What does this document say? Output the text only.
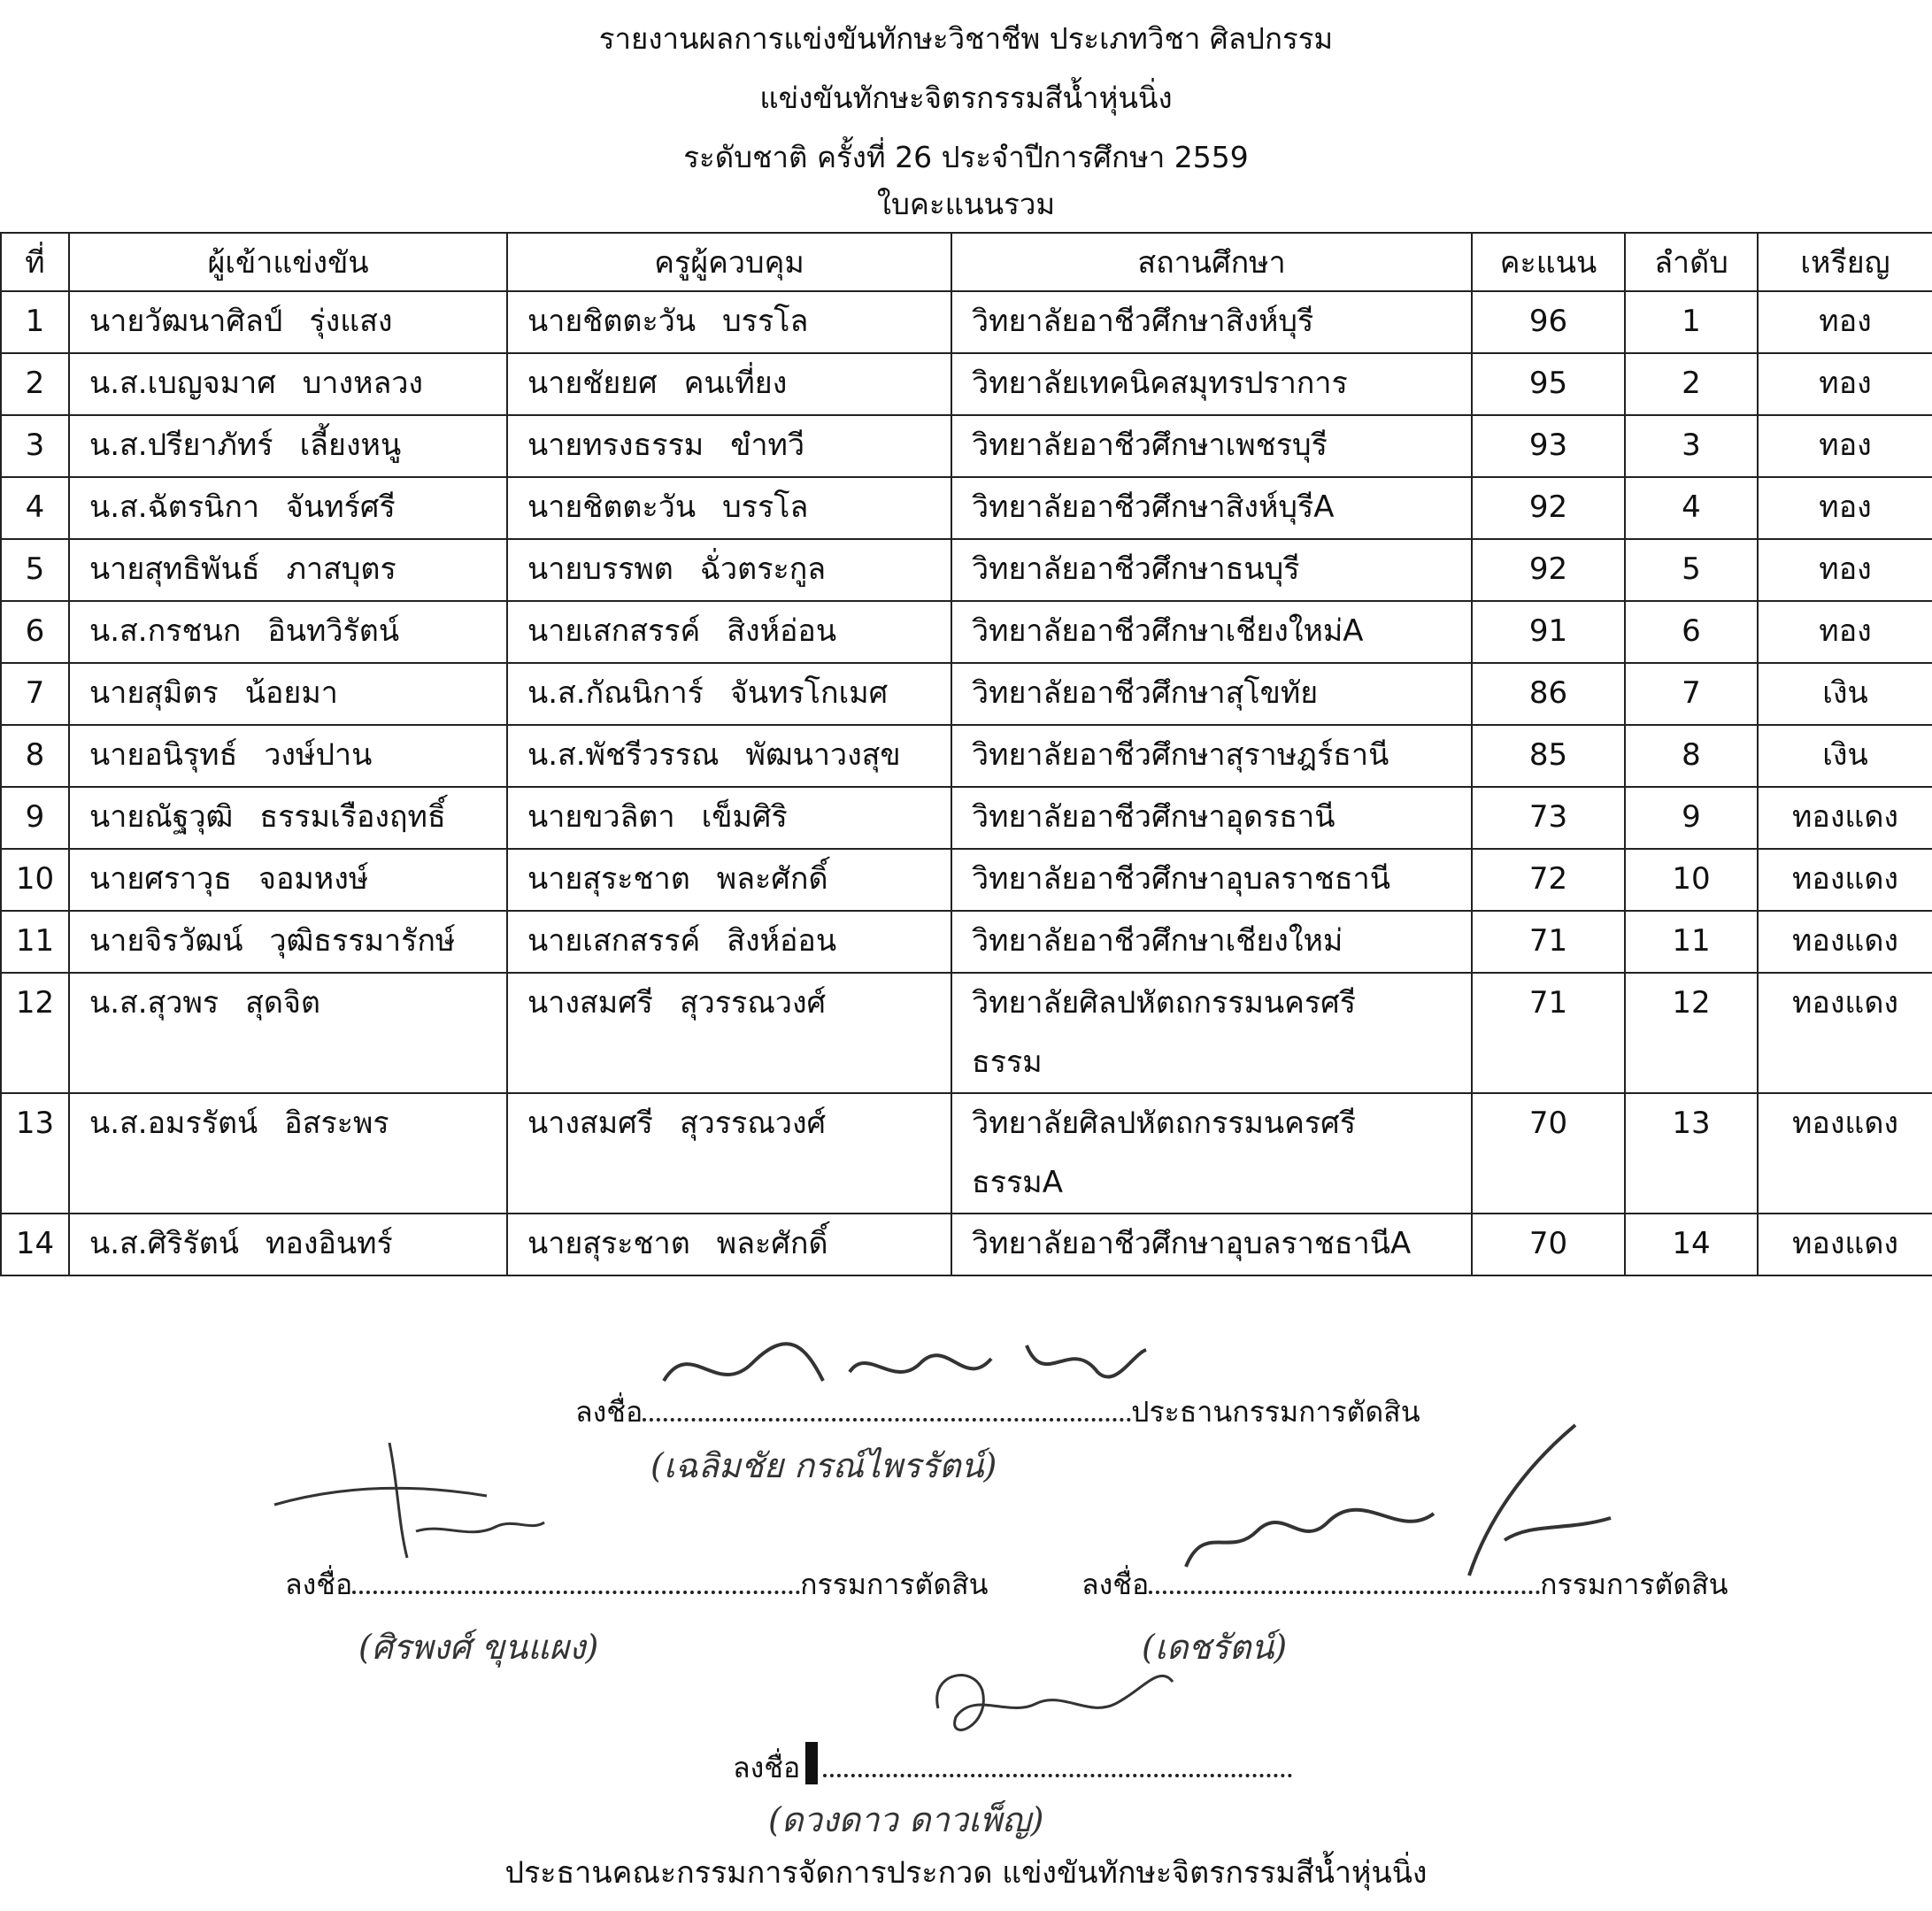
รายงานผลการแข่งขันทักษะวิชาชีพ ประเภทวิชา ศิลปกรรม
แข่งขันทักษะจิตรกรรมสีน้ำหุ่นนิ่ง
ระดับชาติ ครั้งที่ 26 ประจำปีการศึกษา 2559
ใบคะแนนรวม
ที่	ผู้เข้าแข่งขัน	ครูผู้ควบคุม	สถานศึกษา	คะแนน	ลำดับ	เหรียญ
1	นายวัฒนาศิลป์ รุ่งแสง	นายชิตตะวัน บรรโล	วิทยาลัยอาชีวศึกษาสิงห์บุรี	96	1	ทอง
2	น.ส.เบญจมาศ บางหลวง	นายชัยยศ คนเที่ยง	วิทยาลัยเทคนิคสมุทรปราการ	95	2	ทอง
3	น.ส.ปรียาภัทร์ เลี้ยงหนู	นายทรงธรรม ขำทวี	วิทยาลัยอาชีวศึกษาเพชรบุรี	93	3	ทอง
4	น.ส.ฉัตรนิกา จันทร์ศรี	นายชิตตะวัน บรรโล	วิทยาลัยอาชีวศึกษาสิงห์บุรีA	92	4	ทอง
5	นายสุทธิพันธ์ ภาสบุตร	นายบรรพต ฉั่วตระกูล	วิทยาลัยอาชีวศึกษาธนบุรี	92	5	ทอง
6	น.ส.กรชนก อินทวิรัตน์	นายเสกสรรค์ สิงห์อ่อน	วิทยาลัยอาชีวศึกษาเชียงใหม่A	91	6	ทอง
7	นายสุมิตร น้อยมา	น.ส.กัณนิการ์ จันทรโกเมศ	วิทยาลัยอาชีวศึกษาสุโขทัย	86	7	เงิน
8	นายอนิรุทธ์ วงษ์ปาน	น.ส.พัชรีวรรณ พัฒนาวงสุข	วิทยาลัยอาชีวศึกษาสุราษฎร์ธานี	85	8	เงิน
9	นายณัฐวุฒิ ธรรมเรืองฤทธิ์	นายขวลิตา เข็มศิริ	วิทยาลัยอาชีวศึกษาอุดรธานี	73	9	ทองแดง
10	นายศราวุธ จอมหงษ์	นายสุระชาต พละศักดิ์	วิทยาลัยอาชีวศึกษาอุบลราชธานี	72	10	ทองแดง
11	นายจิรวัฒน์ วุฒิธรรมารักษ์	นายเสกสรรค์ สิงห์อ่อน	วิทยาลัยอาชีวศึกษาเชียงใหม่	71	11	ทองแดง
12	น.ส.สุวพร สุดจิต	นางสมศรี สุวรรณวงศ์	วิทยาลัยศิลปหัตถกรรมนครศรี
ธรรม	71	12	ทองแดง
13	น.ส.อมรรัตน์ อิสระพร	นางสมศรี สุวรรณวงศ์	วิทยาลัยศิลปหัตถกรรมนครศรี
ธรรมA	70	13	ทองแดง
14	น.ส.ศิริรัตน์ ทองอินทร์	นายสุระชาต พละศักดิ์	วิทยาลัยอาชีวศึกษาอุบลราชธานีA	70	14	ทองแดง
ลงชื่อ	ประธานกรรมการตัดสิน
(เฉลิมชัย กรณ์ไพรรัตน์)
ลงชื่อ	กรรมการตัดสิน
(ศิรพงศ์ ขุนแผง)
ลงชื่อ	กรรมการตัดสิน
(เดชรัตน์)
ลงชื่อ
(ดวงดาว ดาวเพ็ญ)
ประธานคณะกรรมการจัดการประกวด แข่งขันทักษะจิตรกรรมสีน้ำหุ่นนิ่ง
